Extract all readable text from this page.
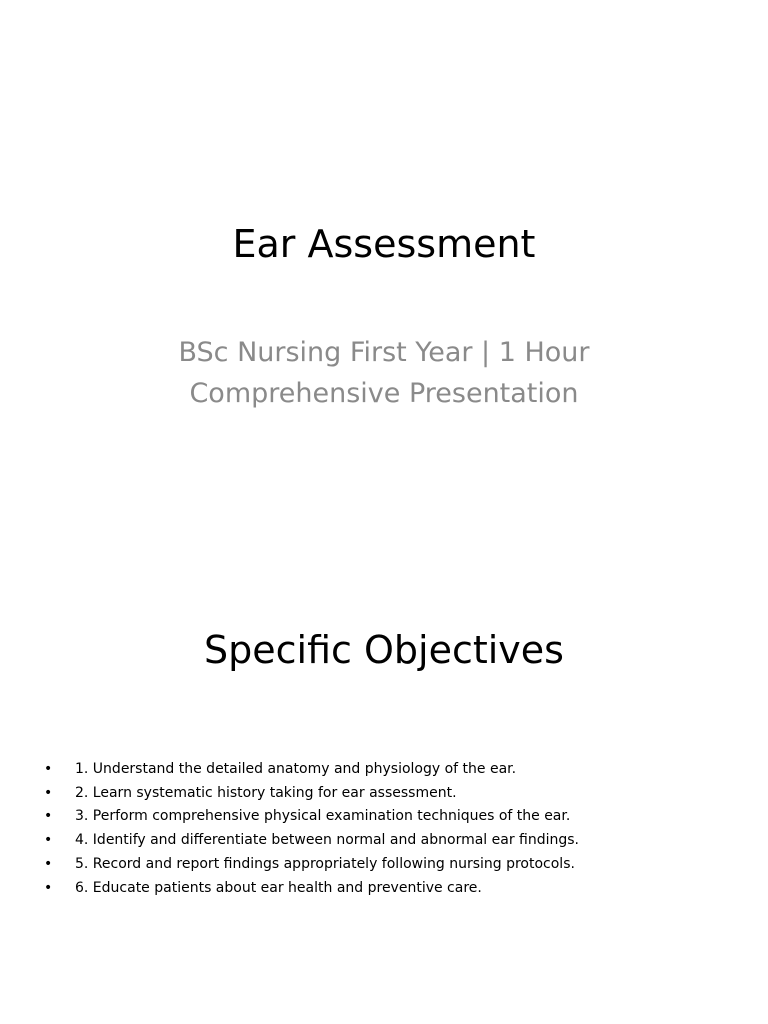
Ear Assessment

BSc Nursing First Year | 1 Hour Comprehensive Presentation

Specific Objectives
• 1. Understand the detailed anatomy and physiology of the ear.
• 2. Learn systematic history taking for ear assessment.
• 3. Perform comprehensive physical examination techniques of the ear.
• 4. Identify and differentiate between normal and abnormal ear findings.
• 5. Record and report findings appropriately following nursing protocols.
• 6. Educate patients about ear health and preventive care.
